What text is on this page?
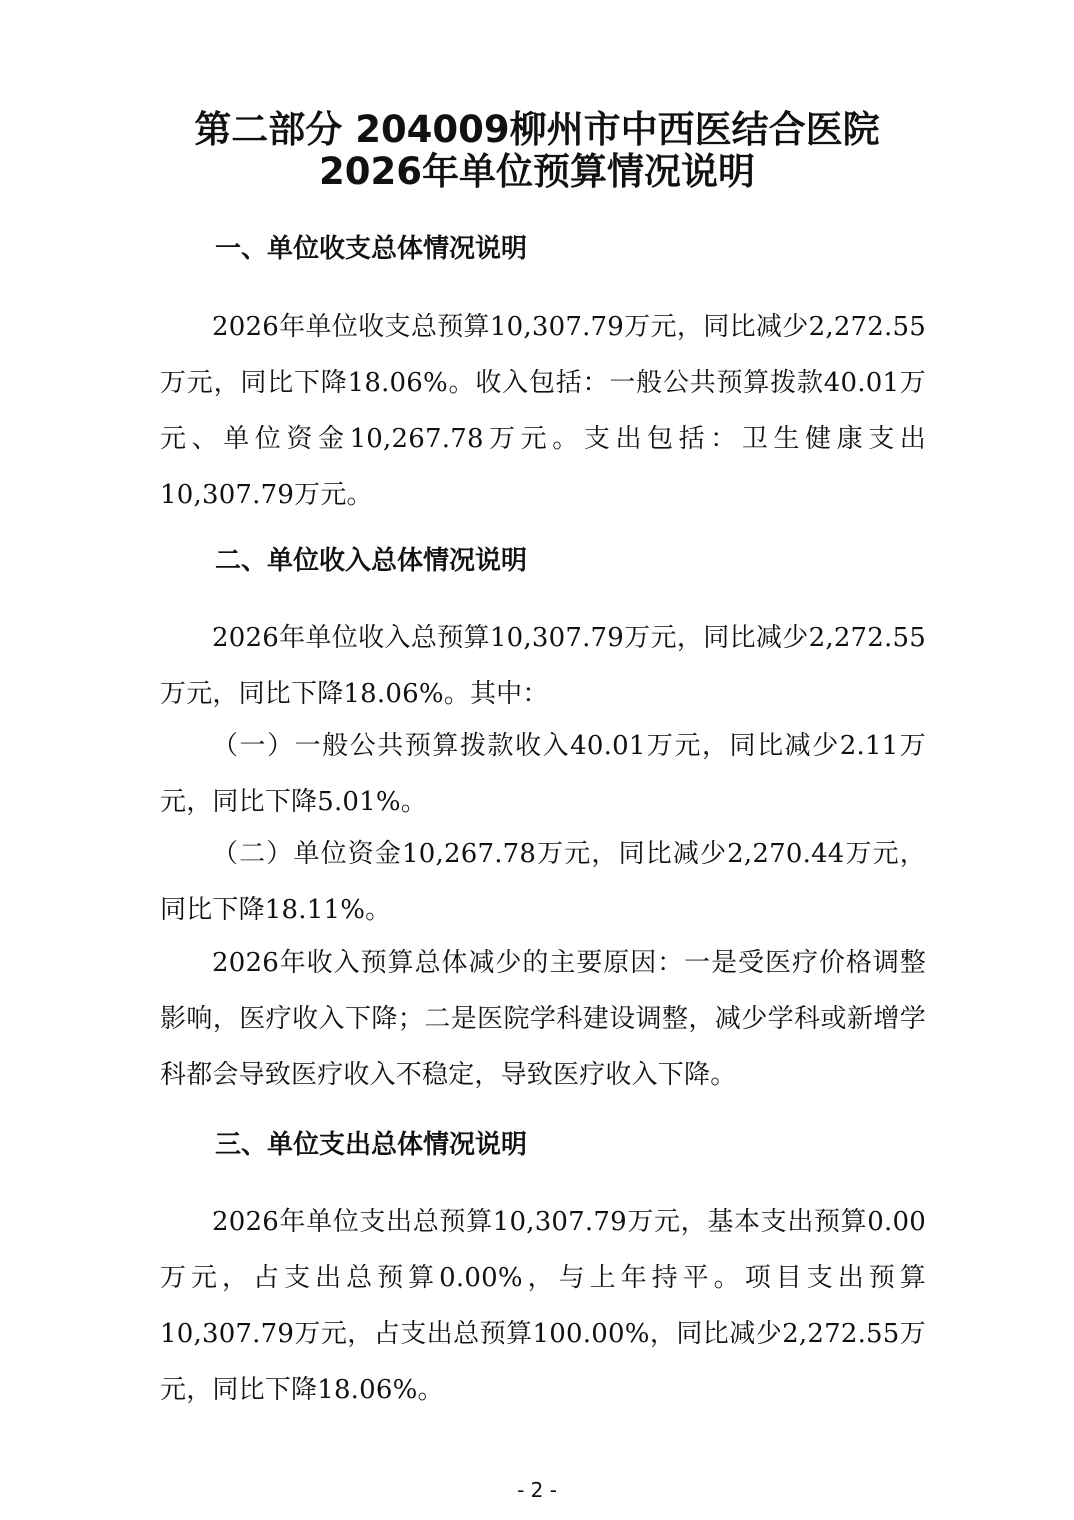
第二部分 204009柳州市中西医结合医院
2026年单位预算情况说明
一、单位收支总体情况说明
2026年单位收支总预算10,307.79万元，同比减少2,272.55万元，同比下降18.06%。收入包括：一般公共预算拨款40.01万元、单位资金10,267.78万元。支出包括：卫生健康支出10,307.79万元。
二、单位收入总体情况说明
2026年单位收入总预算10,307.79万元，同比减少2,272.55万元，同比下降18.06%。其中：
（一）一般公共预算拨款收入40.01万元，同比减少2.11万元，同比下降5.01%。
（二）单位资金10,267.78万元，同比减少2,270.44万元，同比下降18.11%。
2026年收入预算总体减少的主要原因：一是受医疗价格调整影响，医疗收入下降；二是医院学科建设调整，减少学科或新增学科都会导致医疗收入不稳定，导致医疗收入下降。
三、单位支出总体情况说明
2026年单位支出总预算10,307.79万元，基本支出预算0.00万元，占支出总预算0.00%，与上年持平。项目支出预算10,307.79万元，占支出总预算100.00%，同比减少2,272.55万元，同比下降18.06%。
- 2 -
